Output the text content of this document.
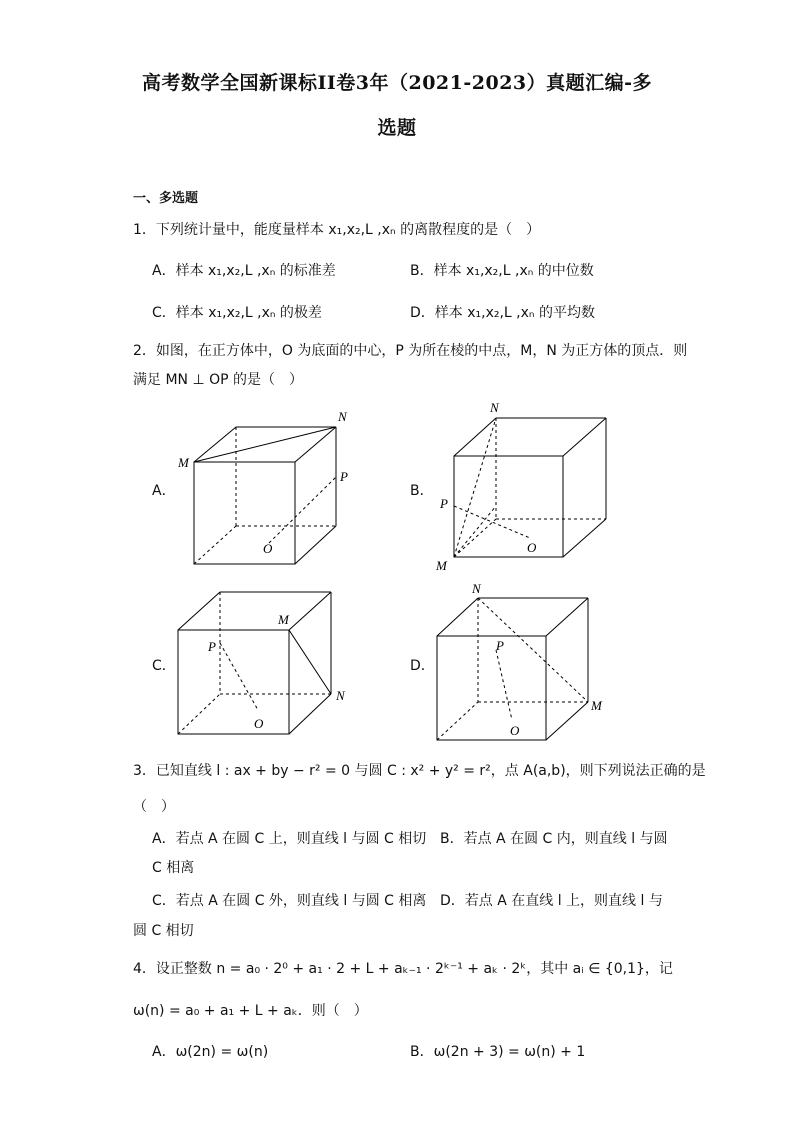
高考数学全国新课标II卷3年（2021-2023）真题汇编-多
选题
一、多选题
1．下列统计量中，能度量样本 x₁,x₂,L ,xₙ 的离散程度的是（　）
A．样本 x₁,x₂,L ,xₙ 的标准差	B．样本 x₁,x₂,L ,xₙ 的中位数
C．样本 x₁,x₂,L ,xₙ 的极差	D．样本 x₁,x₂,L ,xₙ 的平均数
2．如图，在正方体中，O 为底面的中心，P 为所在棱的中点，M，N 为正方体的顶点．则
满足 MN ⊥ OP 的是（　）
A．
M
N
P
O
B．
N
P
O
M
C．
M
P
N
O
D．
N
P
M
O
3．已知直线 l : ax + by − r² = 0 与圆 C : x² + y² = r²，点 A(a,b)，则下列说法正确的是
（　）
A．若点 A 在圆 C 上，则直线 l 与圆 C 相切 B．若点 A 在圆 C 内，则直线 l 与圆
C 相离
C．若点 A 在圆 C 外，则直线 l 与圆 C 相离 D．若点 A 在直线 l 上，则直线 l 与
圆 C 相切
4．设正整数 n = a₀ · 2⁰ + a₁ · 2 + L + aₖ₋₁ · 2ᵏ⁻¹ + aₖ · 2ᵏ，其中 aᵢ ∈ {0,1}，记
ω(n) = a₀ + a₁ + L + aₖ．则（　）
A．ω(2n) = ω(n)	B．ω(2n + 3) = ω(n) + 1
